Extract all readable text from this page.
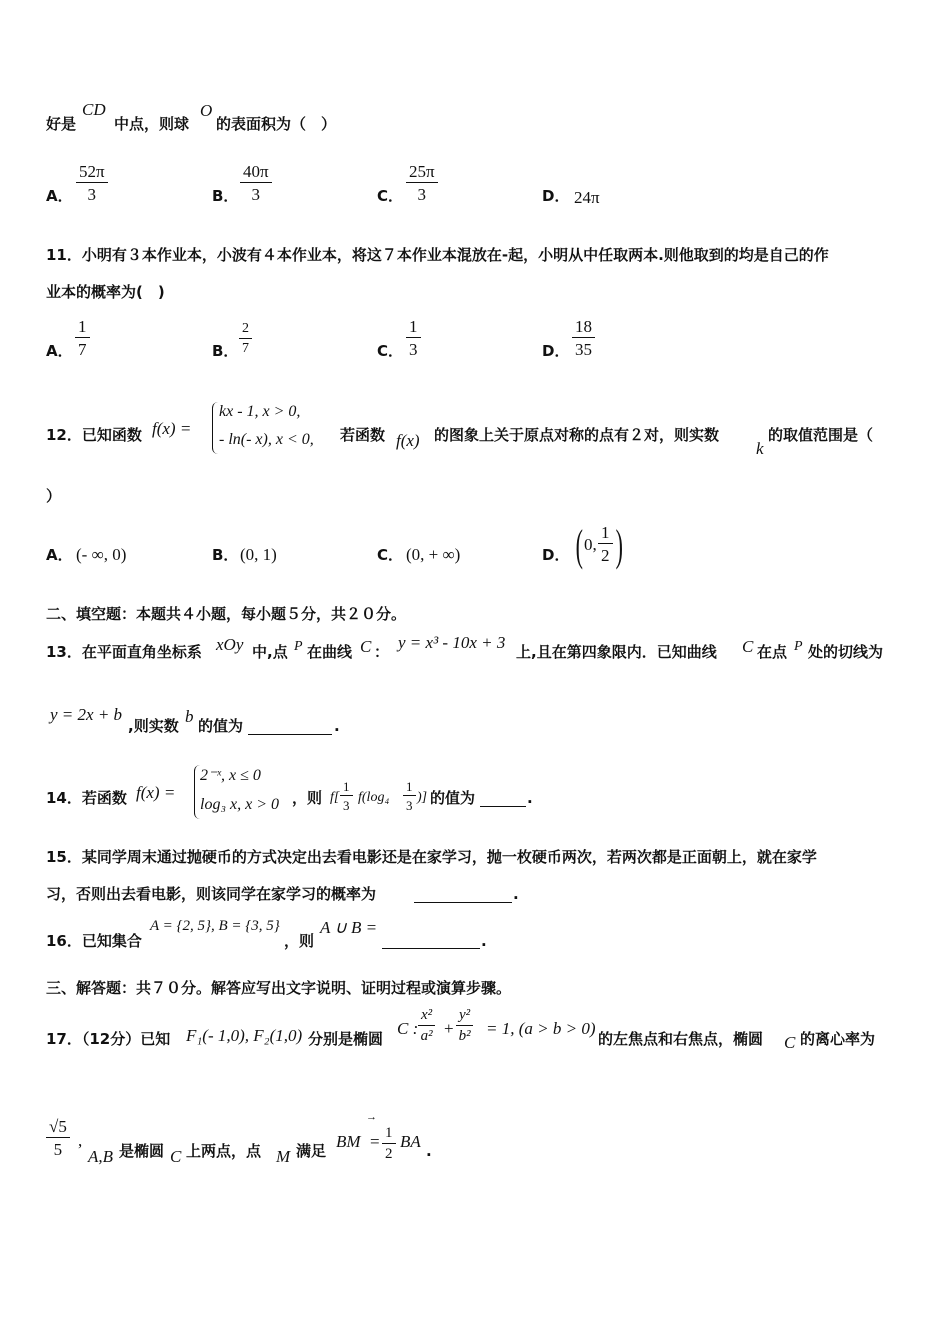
好是
CD
中点，则球
O
的表面积为（　）
A． $\frac{52\pi}{3}$	B． $\frac{40\pi}{3}$	C． $\frac{25\pi}{3}$	D． 24π
11．小明有３本作业本，小波有４本作业本，将这７本作业本混放在-起，小明从中任取两本.则他取到的均是自己的作
业本的概率为(　)
A． $\frac{1}{7}$	B． $\frac{2}{7}$	C． $\frac{1}{3}$	D． $\frac{18}{35}$
12．已知函数 f(x) =
kx - 1, x > 0,
- ln(- x), x < 0, 若函数 f(x) 的图象上关于原点对称的点有２对，则实数
k
的取值范围是（
）
A． (- ∞, 0)	B． (0, 1)	C． (0, + ∞)	D． ( 0, $\frac{1}{2}$ )
二、填空题：本题共４小题，每小题５分，共２０分。
13．在平面直角坐标系 xOy 中,点 P 在曲线 C ： y = x³ - 10x + 3 上,且在第四象限内．已知曲线 C 在点 P 处的切线为
y = 2x + b
,则实数 b 的值为	.
14．若函数 f(x) =
2⁻ˣ, x ≤ 0
log₃ x, x > 0 ，则 $f[ \frac{1}{3} f(\log_4 \frac{1}{3}$ )] 的值为	.
15．某同学周末通过抛硬币的方式决定出去看电影还是在家学习，抛一枚硬币两次，若两次都是正面朝上，就在家学
习，否则出去看电影，则该同学在家学习的概率为	.
16．已知集合
A = {2, 5}, B = {3, 5}
，则
A ∪ B =
.
三、解答题：共７０分。解答应写出文字说明、证明过程或演算步骤。
17．（12分）已知 F₁(- 1,0), F₂(1,0) 分别是椭圆
C : $\frac{\text{x²}}{\text{a²}} + \frac{\text{y²}}{\text{b²}} = 1$, (a > b > 0)
的左焦点和右焦点，椭圆 C 的离心率为
$\frac{√5}{5}$ ,
A,B 是椭圆 C 上两点，点 M 满足 BM
→
= $\frac{1}{2}$ BA .
